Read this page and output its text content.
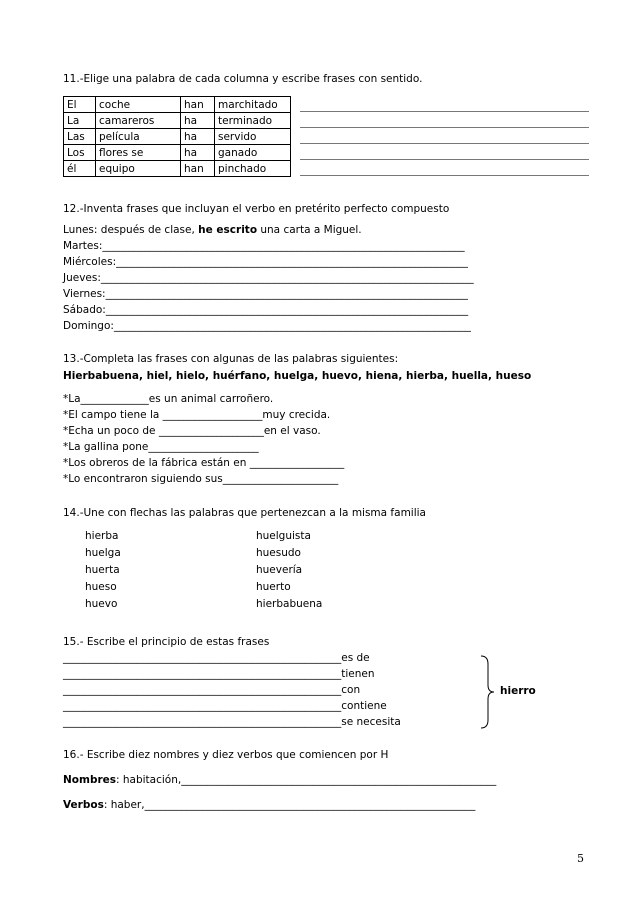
11.-Elige una palabra de cada columna y escribe frases con sentido.
El	coche	han	marchitado
La	camareros	ha	terminado
Las	película	ha	servido
Los	flores se	ha	ganado
él	equipo	han	pinchado
12.-Inventa frases que incluyan el verbo en pretérito perfecto compuesto
Lunes: después de clase, he escrito una carta a Miguel.
Martes:_____________________________________________________________________
Miércoles:___________________________________________________________________
Jueves:_______________________________________________________________________
Viernes:_____________________________________________________________________
Sábado:_____________________________________________________________________
Domingo:____________________________________________________________________
13.-Completa las frases con algunas de las palabras siguientes:
Hierbabuena, hiel, hielo, huérfano, huelga, huevo, hiena, hierba, huella, hueso
*La_____________es un animal carroñero.
*El campo tiene la ___________________muy crecida.
*Echa un poco de ____________________en el vaso.
*La gallina pone_____________________
*Los obreros de la fábrica están en __________________
*Lo encontraron siguiendo sus______________________
14.-Une con flechas las palabras que pertenezcan a la misma familia
hierba
huelga
huerta
hueso
huevo
huelguista
huesudo
huevería
huerto
hierbabuena
15.- Escribe el principio de estas frases
_____________________________________________________es de
_____________________________________________________tienen
_____________________________________________________con
_____________________________________________________contiene
_____________________________________________________se necesita
hierro
16.- Escribe diez nombres y diez verbos que comiencen por H
Nombres: habitación,____________________________________________________________
Verbos: haber,_______________________________________________________________
5
